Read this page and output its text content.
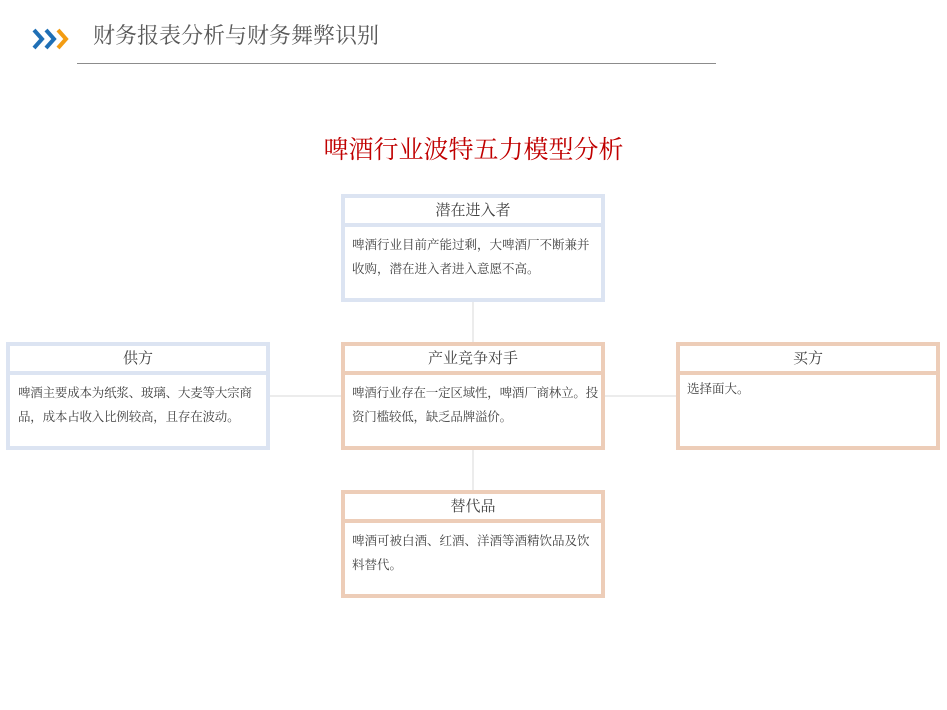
财务报表分析与财务舞弊识别
啤酒行业波特五力模型分析
潜在进入者
啤酒行业目前产能过剩，大啤酒厂不断兼并收购，潜在进入者进入意愿不高。
供方
啤酒主要成本为纸浆、玻璃、大麦等大宗商品，成本占收入比例较高，且存在波动。
产业竞争对手
啤酒行业存在一定区域性，啤酒厂商林立。投资门槛较低，缺乏品牌溢价。
买方
选择面大。
替代品
啤酒可被白酒、红酒、洋酒等酒精饮品及饮料替代。
